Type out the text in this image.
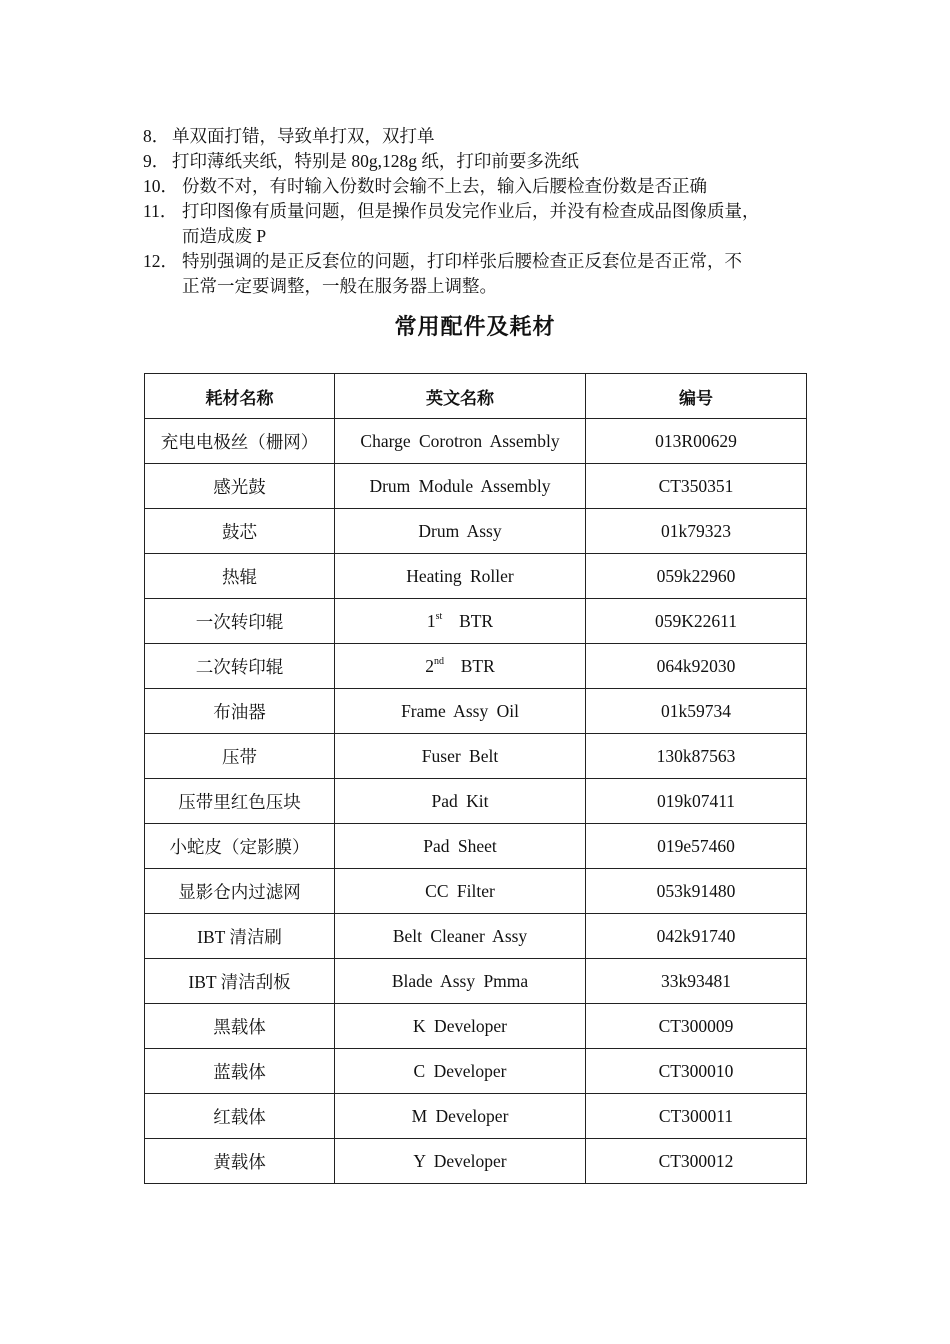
8． 单双面打错，导致单打双，双打单
9． 打印薄纸夹纸，特别是 80g,128g 纸，打印前要多洗纸
10． 份数不对，有时输入份数时会输不上去，输入后腰检查份数是否正确
11． 打印图像有质量问题，但是操作员发完作业后，并没有检查成品图像质量，
而造成废 P
12． 特别强调的是正反套位的问题，打印样张后腰检查正反套位是否正常，不
正常一定要调整，一般在服务器上调整。
常用配件及耗材
耗材名称	英文名称	编号
充电电极丝（栅网）	Charge Corotron Assembly	013R00629
感光鼓	Drum Module Assembly	CT350351
鼓芯	Drum Assy	01k79323
热辊	Heating Roller	059k22960
一次转印辊	1st BTR	059K22611
二次转印辊	2nd BTR	064k92030
布油器	Frame Assy Oil	01k59734
压带	Fuser Belt	130k87563
压带里红色压块	Pad Kit	019k07411
小蛇皮（定影膜）	Pad Sheet	019e57460
显影仓内过滤网	CC Filter	053k91480
IBT 清洁刷	Belt Cleaner Assy	042k91740
IBT 清洁刮板	Blade Assy Pmma	33k93481
黑载体	K Developer	CT300009
蓝载体	C Developer	CT300010
红载体	M Developer	CT300011
黄载体	Y Developer	CT300012
